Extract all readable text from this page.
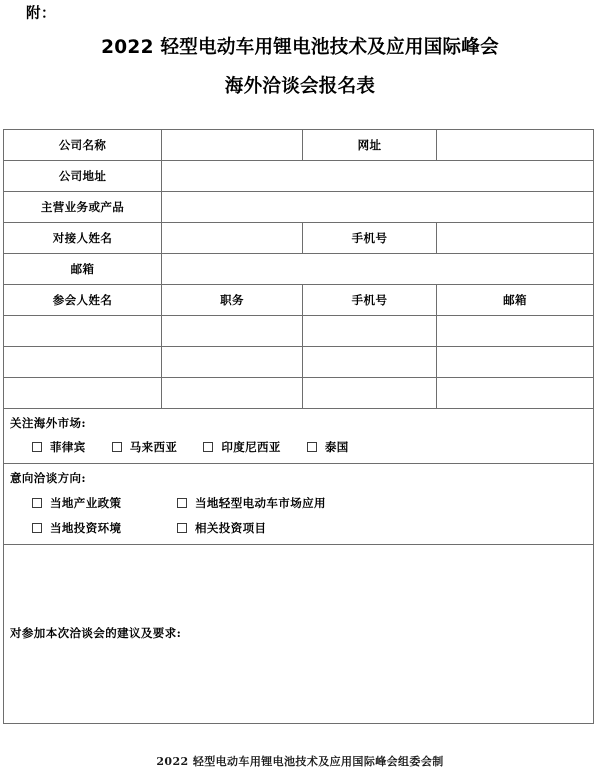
附：
2022 轻型电动车用锂电池技术及应用国际峰会
海外洽谈会报名表
公司名称		网址	
公司地址			
主营业务或产品			
对接人姓名		手机号	
邮箱			
参会人姓名	职务	手机号	邮箱

关注海外市场:
菲律宾 马来西亚 印度尼西亚 泰国			

意向洽谈方向:
当地产业政策 当地轻型电动车市场应用
当地投资环境 相关投资项目			

对参加本次洽谈会的建议及要求:			
2022 轻型电动车用锂电池技术及应用国际峰会组委会制
